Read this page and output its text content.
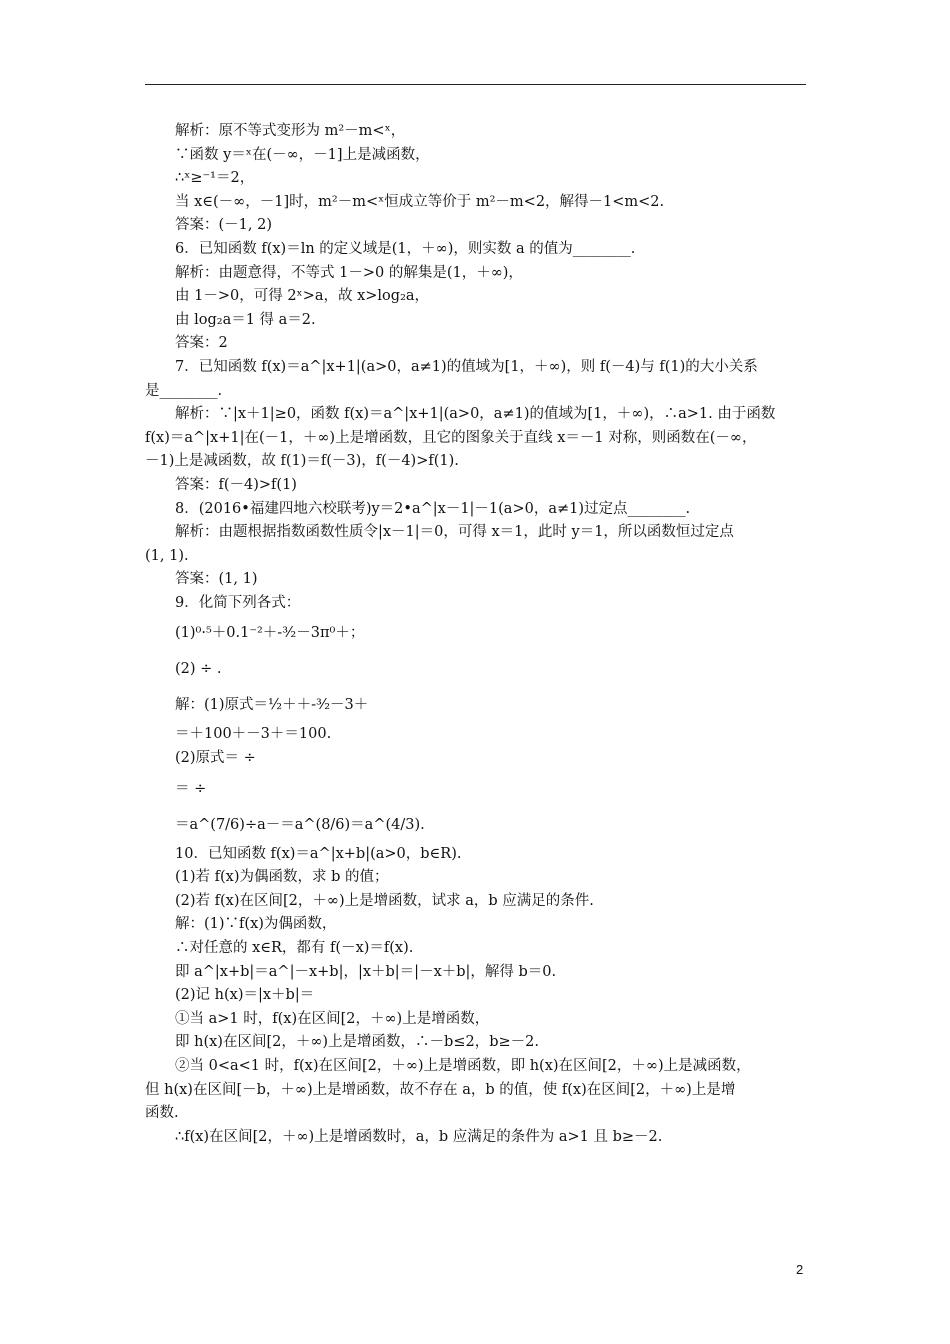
解析：原不等式变形为 m²－m<ˣ，
∵函数 y＝ˣ在(－∞，－1]上是减函数，
∴ˣ≥⁻¹＝2，
当 x∈(－∞，－1]时，m²－m<ˣ恒成立等价于 m²－m<2，解得－1<m<2.
答案：(－1, 2)
6．已知函数 f(x)＝ln 的定义域是(1，＋∞)，则实数 a 的值为________.
解析：由题意得，不等式 1－>0 的解集是(1，＋∞)，
由 1－>0，可得 2ˣ>a，故 x>log₂a，
由 log₂a＝1 得 a＝2.
答案：2
7．已知函数 f(x)＝a^|x+1|(a>0，a≠1)的值域为[1，＋∞)，则 f(－4)与 f(1)的大小关系
是________.
解析：∵|x＋1|≥0，函数 f(x)＝a^|x+1|(a>0，a≠1)的值域为[1，＋∞)，∴a>1. 由于函数
f(x)＝a^|x+1|在(－1，＋∞)上是增函数，且它的图象关于直线 x＝－1 对称，则函数在(－∞，
－1)上是减函数，故 f(1)＝f(－3)，f(－4)>f(1).
答案：f(－4)>f(1)
8．(2016•福建四地六校联考)y＝2•a^|x－1|－1(a>0，a≠1)过定点________.
解析：由题根据指数函数性质令|x－1|＝0，可得 x＝1，此时 y＝1，所以函数恒过定点
(1, 1).
答案：(1, 1)
9．化简下列各式：
(1)⁰·⁵＋0.1⁻²＋-³⁄₂－3π⁰＋；
(2) ÷ .
解：(1)原式＝½＋＋-³⁄₂－3＋
＝＋100＋－3＋＝100.
(2)原式＝ ÷
＝ ÷
＝a^(7/6)÷a－＝a^(8/6)＝a^(4/3).
10．已知函数 f(x)＝a^|x+b|(a>0，b∈R).
(1)若 f(x)为偶函数，求 b 的值；
(2)若 f(x)在区间[2，＋∞)上是增函数，试求 a，b 应满足的条件.
解：(1)∵f(x)为偶函数，
∴对任意的 x∈R，都有 f(－x)＝f(x).
即 a^|x+b|＝a^|－x+b|，|x＋b|＝|－x＋b|，解得 b＝0.
(2)记 h(x)＝|x＋b|＝
①当 a>1 时，f(x)在区间[2，＋∞)上是增函数，
即 h(x)在区间[2，＋∞)上是增函数，∴－b≤2，b≥－2.
②当 0<a<1 时，f(x)在区间[2，＋∞)上是增函数，即 h(x)在区间[2，＋∞)上是减函数，
但 h(x)在区间[－b，＋∞)上是增函数，故不存在 a，b 的值，使 f(x)在区间[2，＋∞)上是增
函数.
∴f(x)在区间[2，＋∞)上是增函数时，a，b 应满足的条件为 a>1 且 b≥－2.
2
